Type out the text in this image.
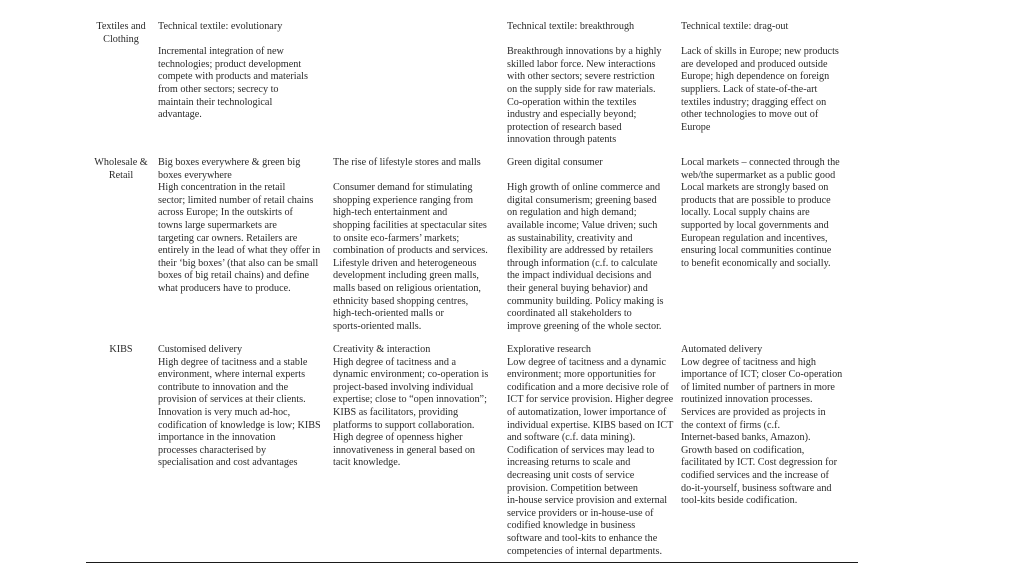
Textiles and
Clothing
Technical textile: evolutionary

Incremental integration of new
technologies; product development
compete with products and materials
from other sectors; secrecy to
maintain their technological
advantage.
Technical textile: breakthrough

Breakthrough innovations by a highly
skilled labor force. New interactions
with other sectors; severe restriction
on the supply side for raw materials.
Co-operation within the textiles
industry and especially beyond;
protection of research based
innovation through patents
Technical textile: drag-out

Lack of skills in Europe; new products
are developed and produced outside
Europe; high dependence on foreign
suppliers. Lack of state-of-the-art
textiles industry; dragging effect on
other technologies to move out of
Europe
Wholesale &
Retail
Big boxes everywhere & green big
boxes everywhere
High concentration in the retail
sector; limited number of retail chains
across Europe; In the outskirts of
towns large supermarkets are
targeting car owners. Retailers are
entirely in the lead of what they offer in
their ‘big boxes’ (that also can be small
boxes of big retail chains) and define
what producers have to produce.
The rise of lifestyle stores and malls

Consumer demand for stimulating
shopping experience ranging from
high-tech entertainment and
shopping facilities at spectacular sites
to onsite eco-farmers’ markets;
combination of products and services.
Lifestyle driven and heterogeneous
development including green malls,
malls based on religious orientation,
ethnicity based shopping centres,
high-tech-oriented malls or
sports-oriented malls.
Green digital consumer

High growth of online commerce and
digital consumerism; greening based
on regulation and high demand;
available income; Value driven; such
as sustainability, creativity and
flexibility are addressed by retailers
through information (c.f. to calculate
the impact individual decisions and
their general buying behavior) and
community building. Policy making is
coordinated all stakeholders to
improve greening of the whole sector.
Local markets – connected through the
web/the supermarket as a public good
Local markets are strongly based on
products that are possible to produce
locally. Local supply chains are
supported by local governments and
European regulation and incentives,
ensuring local communities continue
to benefit economically and socially.
KIBS	Customised delivery
High degree of tacitness and a stable
environment, where internal experts
contribute to innovation and the
provision of services at their clients.
Innovation is very much ad-hoc,
codification of knowledge is low; KIBS
importance in the innovation
processes characterised by
specialisation and cost advantages
Creativity & interaction
High degree of tacitness and a
dynamic environment; co-operation is
project-based involving individual
expertise; close to “open innovation”;
KIBS as facilitators, providing
platforms to support collaboration.
High degree of openness higher
innovativeness in general based on
tacit knowledge.
Explorative research
Low degree of tacitness and a dynamic
environment; more opportunities for
codification and a more decisive role of
ICT for service provision. Higher degree
of automatization, lower importance of
individual expertise. KIBS based on ICT
and software (c.f. data mining).
Codification of services may lead to
increasing returns to scale and
decreasing unit costs of service
provision. Competition between
in-house service provision and external
service providers or in-house-use of
codified knowledge in business
software and tool-kits to enhance the
competencies of internal departments.
Automated delivery
Low degree of tacitness and high
importance of ICT; closer Co-operation
of limited number of partners in more
routinized innovation processes.
Services are provided as projects in
the context of firms (c.f.
Internet-based banks, Amazon).
Growth based on codification,
facilitated by ICT. Cost degression for
codified services and the increase of
do-it-yourself, business software and
tool-kits beside codification.
